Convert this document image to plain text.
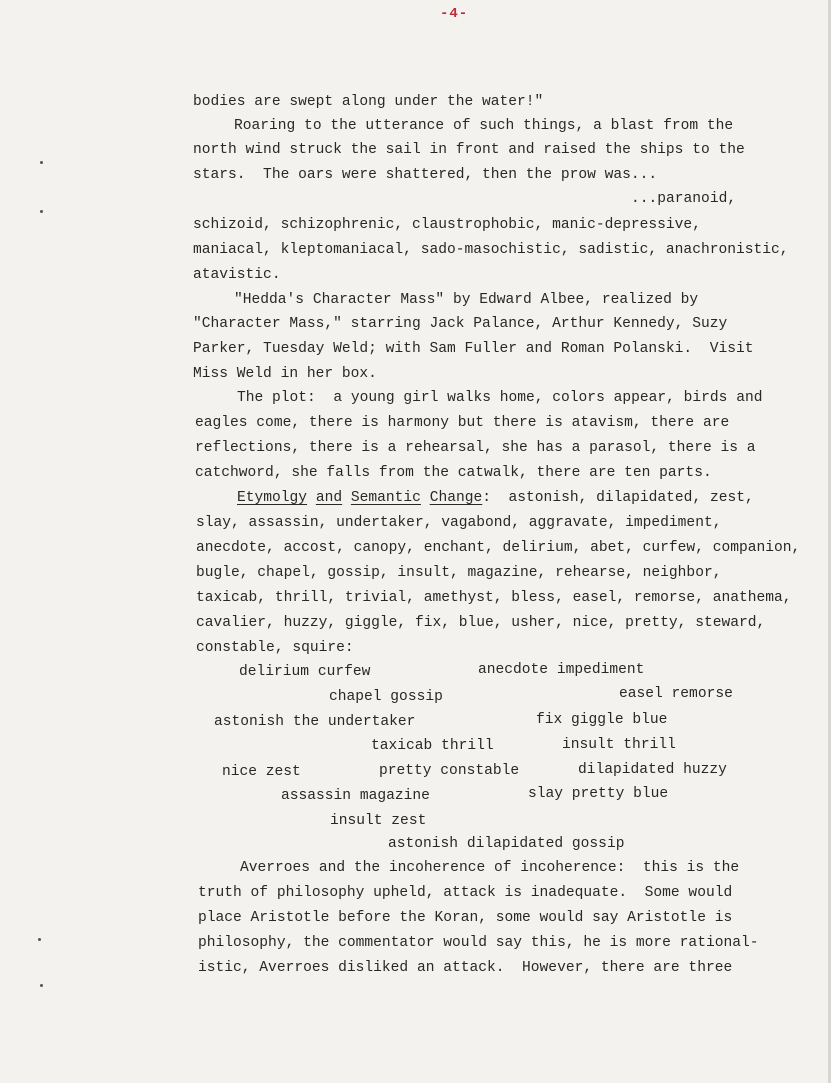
-4-
bodies are swept along under the water!"
Roaring to the utterance of such things, a blast from the
north wind struck the sail in front and raised the ships to the
stars.  The oars were shattered, then the prow was...
...paranoid,
schizoid, schizophrenic, claustrophobic, manic-depressive,
maniacal, kleptomaniacal, sado-masochistic, sadistic, anachronistic,
atavistic.
"Hedda's Character Mass" by Edward Albee, realized by
"Character Mass," starring Jack Palance, Arthur Kennedy, Suzy
Parker, Tuesday Weld; with Sam Fuller and Roman Polanski.  Visit
Miss Weld in her box.
The plot:  a young girl walks home, colors appear, birds and
eagles come, there is harmony but there is atavism, there are
reflections, there is a rehearsal, she has a parasol, there is a
catchword, she falls from the catwalk, there are ten parts.
Etymolgy and Semantic Change:  astonish, dilapidated, zest,
slay, assassin, undertaker, vagabond, aggravate, impediment,
anecdote, accost, canopy, enchant, delirium, abet, curfew, companion,
bugle, chapel, gossip, insult, magazine, rehearse, neighbor,
taxicab, thrill, trivial, amethyst, bless, easel, remorse, anathema,
cavalier, huzzy, giggle, fix, blue, usher, nice, pretty, steward,
constable, squire:
delirium curfew	anecdote impediment
chapel gossip	easel remorse
astonish the undertaker	fix giggle blue
taxicab thrill	insult thrill
nice zest	pretty constable	dilapidated huzzy
assassin magazine	slay pretty blue
insult zest
astonish dilapidated gossip
Averroes and the incoherence of incoherence:  this is the
truth of philosophy upheld, attack is inadequate.  Some would
place Aristotle before the Koran, some would say Aristotle is
philosophy, the commentator would say this, he is more rational-
istic, Averroes disliked an attack.  However, there are three
